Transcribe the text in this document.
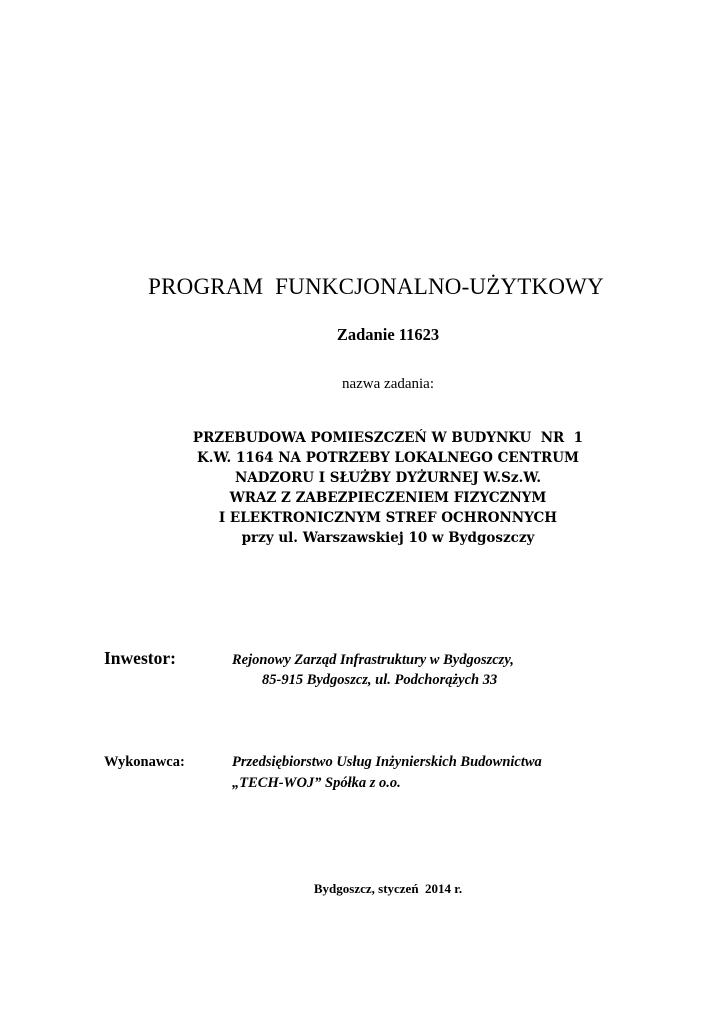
PROGRAM  FUNKCJONALNO-UŻYTKOWY
Zadanie 11623
nazwa zadania:
PRZEBUDOWA POMIESZCZEŃ W BUDYNKU  NR  1
K.W. 1164 NA POTRZEBY LOKALNEGO CENTRUM
NADZORU I SŁUŻBY DYŻURNEJ W.Sz.W.
WRAZ Z ZABEZPIECZENIEM FIZYCZNYM
I ELEKTRONICZNYM STREF OCHRONNYCH
przy ul. Warszawskiej 10 w Bydgoszczy
Inwestor:	Rejonowy Zarząd Infrastruktury w Bydgoszczy,
85-915 Bydgoszcz, ul. Podchorążych 33
Wykonawca:	Przedsiębiorstwo Usług Inżynierskich Budownictwa
„TECH-WOJ” Spółka z o.o.
Bydgoszcz, styczeń  2014 r.
